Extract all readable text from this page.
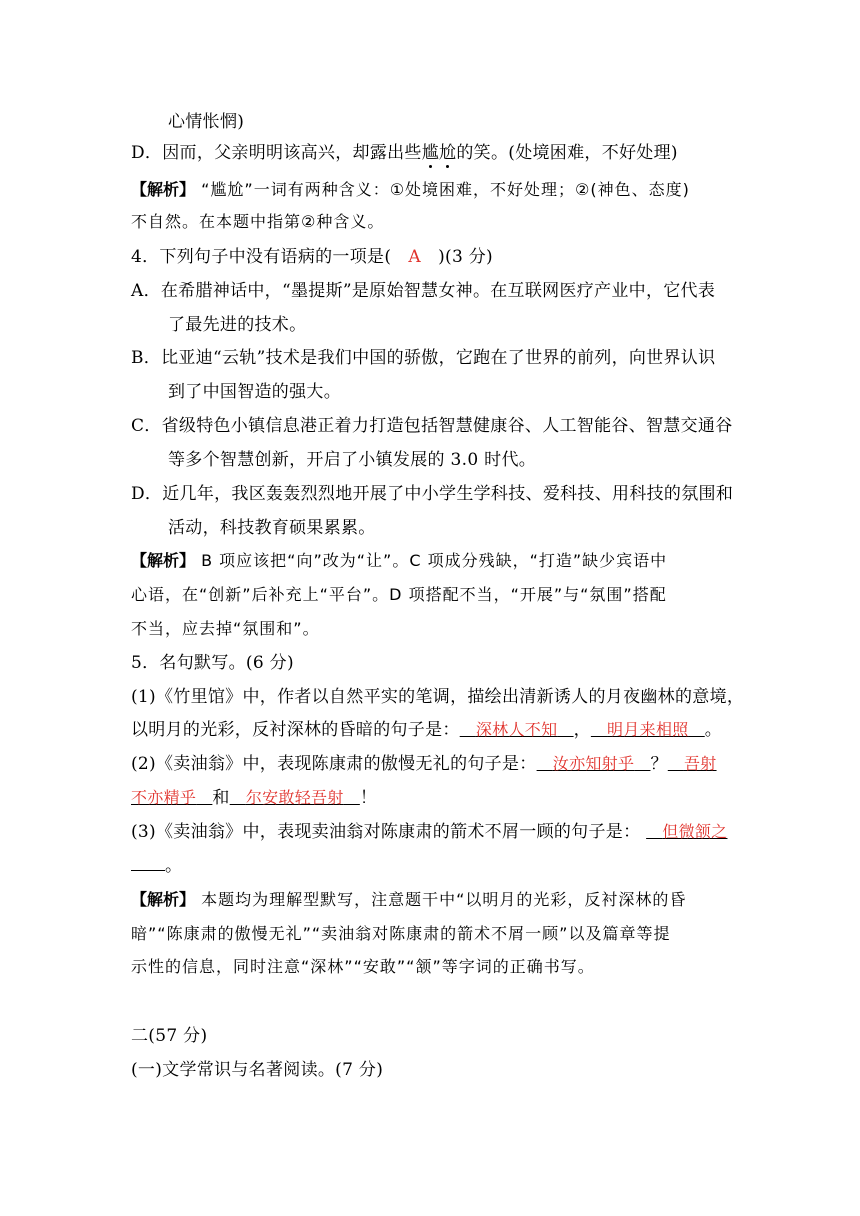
心情怅惘)
D．因而，父亲明明该高兴，却露出些尴尬的笑。(处境困难，不好处理)
【解析】 “尴尬”一词有两种含义：①处境困难，不好处理；②(神色、态度)
不自然。在本题中指第②种含义。
4．下列句子中没有语病的一项是( A )(3 分)
A．在希腊神话中，“墨提斯”是原始智慧女神。在互联网医疗产业中，它代表
了最先进的技术。
B．比亚迪“云轨”技术是我们中国的骄傲，它跑在了世界的前列，向世界认识
到了中国智造的强大。
C．省级特色小镇信息港正着力打造包括智慧健康谷、人工智能谷、智慧交通谷
等多个智慧创新，开启了小镇发展的 3.0 时代。
D．近几年，我区轰轰烈烈地开展了中小学生学科技、爱科技、用科技的氛围和
活动，科技教育硕果累累。
【解析】 B 项应该把“向”改为“让”。C 项成分残缺，“打造”缺少宾语中
心语，在“创新”后补充上“平台”。D 项搭配不当，“开展”与“氛围”搭配
不当，应去掉“氛围和”。
5．名句默写。(6 分)
(1)《竹里馆》中，作者以自然平实的笔调，描绘出清新诱人的月夜幽林的意境，
以明月的光彩，反衬深林的昏暗的句子是： 深林人不知 ， 明月来相照 。
(2)《卖油翁》中，表现陈康肃的傲慢无礼的句子是： 汝亦知射乎 ？ 吾射
不亦精乎 和 尔安敢轻吾射 ！
(3)《卖油翁》中，表现卖油翁对陈康肃的箭术不屑一顾的句子是： 但微颔之
。
【解析】 本题均为理解型默写，注意题干中“以明月的光彩，反衬深林的昏
暗”“陈康肃的傲慢无礼”“卖油翁对陈康肃的箭术不屑一顾”以及篇章等提
示性的信息，同时注意“深林”“安敢”“颔”等字词的正确书写。
二(57 分)
(一)文学常识与名著阅读。(7 分)
